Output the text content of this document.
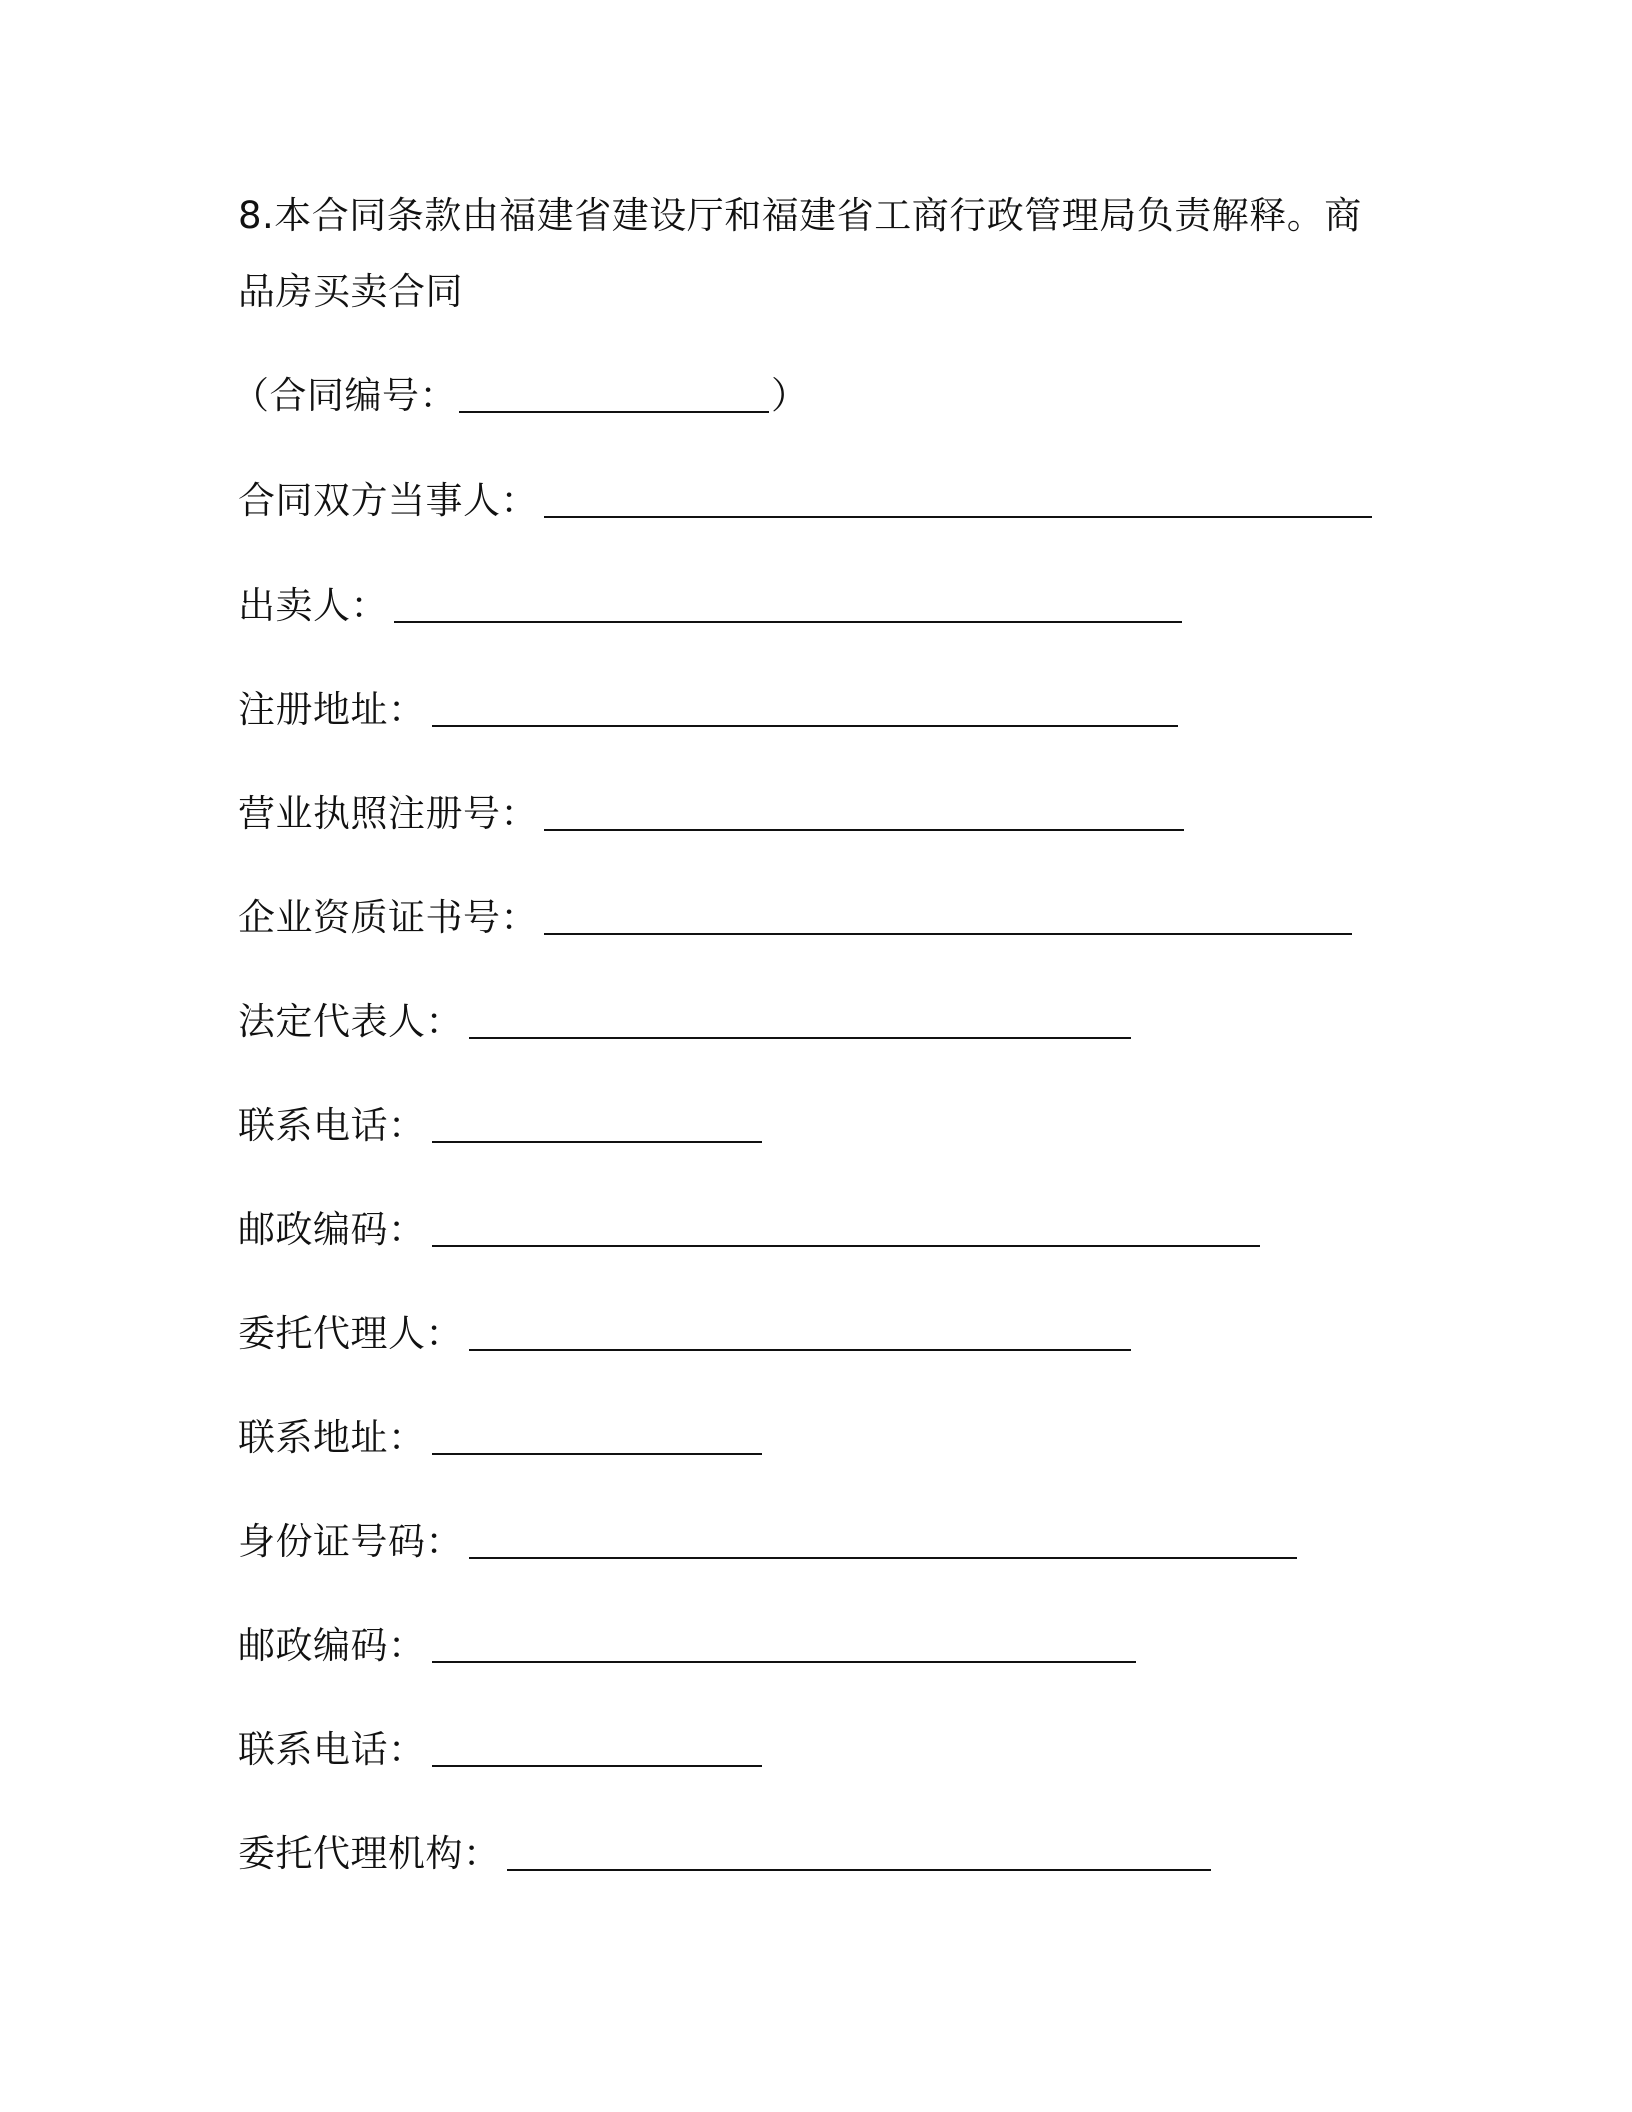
8.本合同条款由福建省建设厅和福建省工商行政管理局负责解释。商
品房买卖合同
（合同编号：	）
合同双方当事人：
出卖人：
注册地址：
营业执照注册号：
企业资质证书号：
法定代表人：
联系电话：
邮政编码：
委托代理人：
联系地址：
身份证号码：
邮政编码：
联系电话：
委托代理机构：
